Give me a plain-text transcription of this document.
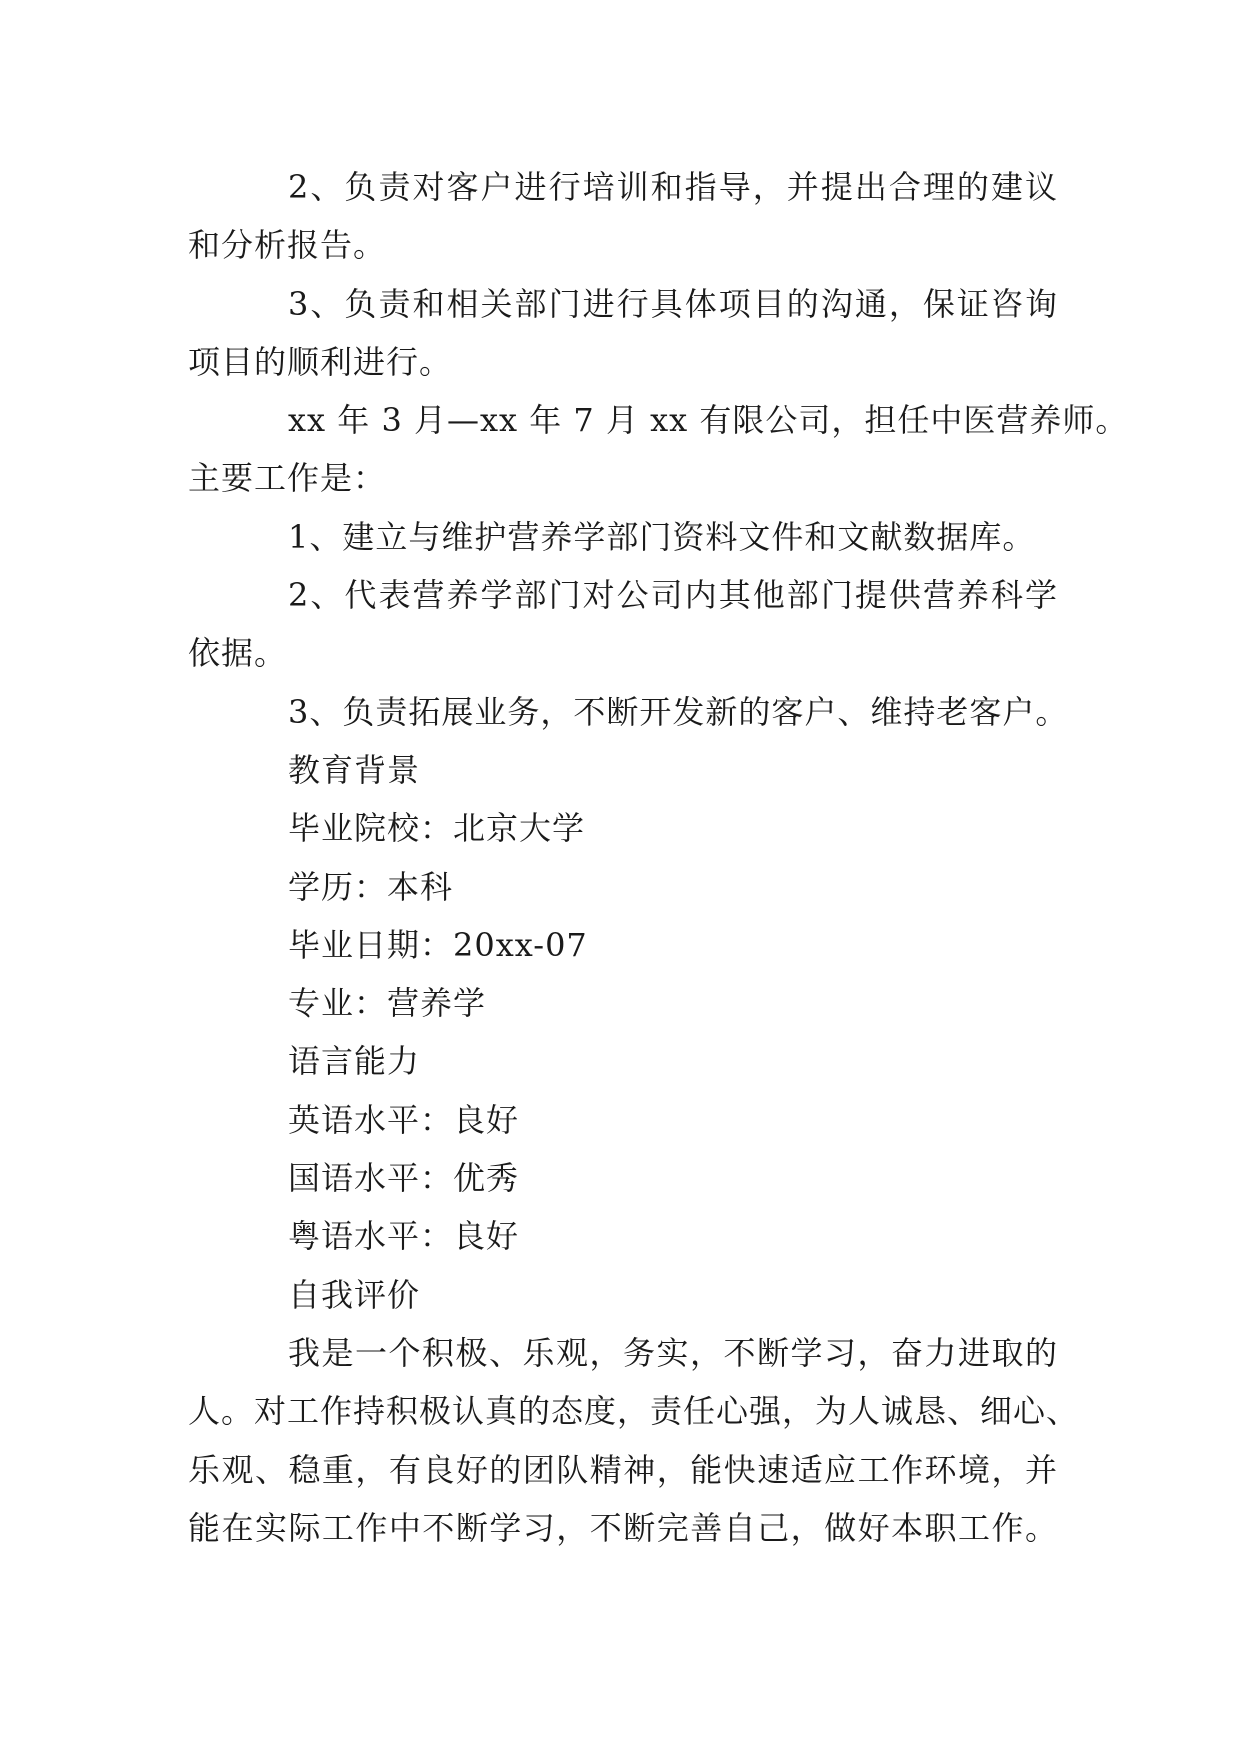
2、负责对客户进行培训和指导，并提出合理的建议
和分析报告。
3、负责和相关部门进行具体项目的沟通，保证咨询
项目的顺利进行。
xx 年 3 月—xx 年 7 月 xx 有限公司，担任中医营养师。
主要工作是：
1、建立与维护营养学部门资料文件和文献数据库。
2、代表营养学部门对公司内其他部门提供营养科学
依据。
3、负责拓展业务，不断开发新的客户、维持老客户。
教育背景
毕业院校：北京大学
学历：本科
毕业日期：20xx-07
专业：营养学
语言能力
英语水平：良好
国语水平：优秀
粤语水平：良好
自我评价
我是一个积极、乐观，务实，不断学习，奋力进取的
人。对工作持积极认真的态度，责任心强，为人诚恳、细心、
乐观、稳重，有良好的团队精神，能快速适应工作环境，并
能在实际工作中不断学习，不断完善自己，做好本职工作。
